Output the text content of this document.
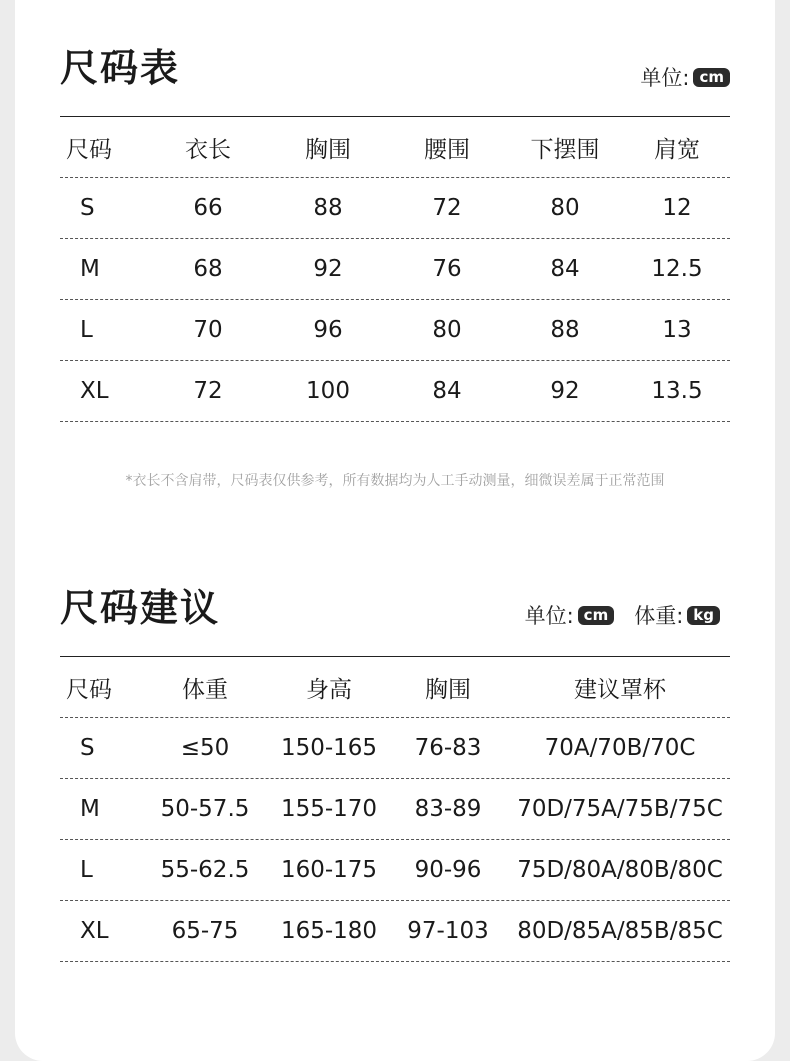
尺码表	单位: cm
尺码	衣长	胸围	腰围	下摆围	肩宽
S	66	88	72	80	12
M	68	92	76	84	12.5
L	70	96	80	88	13
XL	72	100	84	92	13.5
*衣长不含肩带，尺码表仅供参考，所有数据均为人工手动测量，细微误差属于正常范围
尺码建议	单位: cm 体重: kg
尺码	体重	身高	胸围	建议罩杯
S	≤50	150-165	76-83	70A/70B/70C
M	50-57.5	155-170	83-89	70D/75A/75B/75C
L	55-62.5	160-175	90-96	75D/80A/80B/80C
XL	65-75	165-180	97-103	80D/85A/85B/85C
